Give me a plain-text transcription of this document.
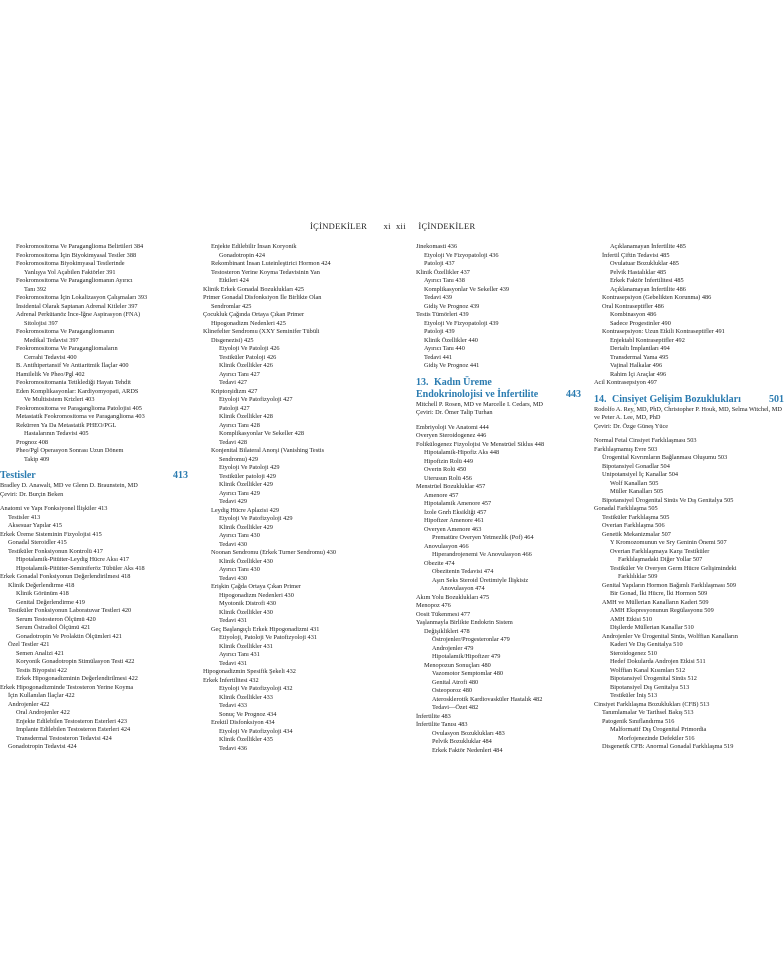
İÇİNDEKİLER xi xii İÇİNDEKİLER
Feokromositoma Ve Paragangliomа Belirtileri 384
Feokromositoma İçin Biyokimyasal Testler 388
Feokromositoma Biyokimyasal Testlerinde
Yanlışya Yol Açabilen Faktörler 391
Feokromositoma Ve Paragangliomanın Ayırıcı
Tanı 392
Feokromositoma İçin Lokalizasyon Çalışmaları 393
İnsidental Olarak Saptanan Adrenal Kitleler 397
Adrenal Perkütanöz İnce-İğne Aspirasyon (FNA)
Sitolojisi 397
Feokromositoma Ve Paragangliomanın
Medikal Tedavisi 397
Feokromositoma Ve Paragangliomaların
Cerrahi Tedavisi 400
B. Antihipertansif Ve Antiaritmik İlaçlar 400
Hamilelik Ve Pheo/Pgl 402
Feokromositomania Tetiklediği Hayatı Tehdit
Eden Komplikasyonlar: Kardiyomyopati, ARDS
Ve Multisistem Krizleri 403
Feokromositoma ve Paragangliomа Patolojisi 405
Metastatik Feokromositoma ve Paraganglioma 403
Rekürren Ya Da Metastatik PHEO/PGL
Hastalarının Tedavisi 405
Prognoz 408
Pheo/Pgl Operasyon Sonrası Uzun Dönem
Takip 409
Testisler	413
Bradley D. Anawalt, MD ve Glenn D. Braunstein, MD
Çeviri: Dr. Burçin Beken
Anatomi ve Yapı Fonksiyonel İlişkiler 413
Testisler 413
Aksesuar Yapılar 415
Erkek Üreme Sisteminin Fizyolojisi 415
Gonadal Steroidler 415
Testiküler Fonksiyonun Kontrolü 417
Hipotalamik-Pitüiter-Leydig Hücre Aksı 417
Hipotalamik-Pitüiter-Seminiferöz Tübüler Aks 418
Erkek Gonadal Fonksiyonun Değerlendirilmesi 418
Klinik Değerlendirme 418
Klinik Görünüm 418
Genital Değerlendirme 419
Testiküler Fonksiyonun Laboratuvar Testleri 420
Serum Testosteron Ölçümü 420
Serum Östradiol Ölçümü 421
Gonadotropin Ve Prolaktin Ölçümleri 421
Özel Testler 421
Semen Analizi 421
Koryonik Gonadotropin Stimülasyon Testi 422
Testis Biyopsisi 422
Erkek Hipogonadizminin Değerlendirilmesi 422
Erkek Hipogonadizminde Testosteron Yerine Koyma
İçin Kullanılan İlaçlar 422
Androjenler 422
Oral Androjenler 422
Enjekte Edilebilen Testosteron Esterleri 423
Implante Edilebilen Testosteron Esterleri 424
Transdermal Testosteron Tedavisi 424
Gonadotropin Tedavisi 424
Enjekte Edilebilir İnsan Koryonik
Gonadotropin 424
Rekombinant İnsan Luteinleştirici Hormon 424
Testosteron Yerine Koyma Tedavisinin Yan
Etkileri 424
Klinik Erkek Gonadal Bozuklukları 425
Primer Gonadal Disfonksiyon İle Birlikte Olan
Sendromlar 425
Çocukluk Çağında Ortaya Çıkan Primer
Hipogonadizm Nedenleri 425
Klinefelter Sendromu (XXY Seminifer Tübüli
Disgenezisi) 425
Etyoloji Ve Patoloji 426
Testiküler Patoloji 426
Klinik Özellikler 426
Ayırıcı Tanı 427
Tedavi 427
Kriptorşidizm 427
Etyoloji Ve Patofizyoloji 427
Patoloji 427
Klinik Özellikler 428
Ayırıcı Tanı 428
Komplikasyonlar Ve Sekeller 428
Tedavi 428
Konjenital Bilateral Anorşi (Vanishing Testis
Sendromu) 429
Etyoloji Ve Patoloji 429
Testiküler patoloji 429
Klinik Özellikler 429
Ayırıcı Tanı 429
Tedavi 429
Leydig Hücre Aplazisi 429
Etyoloji Ve Patofizyoloji 429
Klinik Özellikler 429
Ayırıcı Tanı 430
Tedavi 430
Noonan Sendromu (Erkek Turner Sendromu) 430
Klinik Özellikler 430
Ayırıcı Tanı 430
Tedavi 430
Erişkin Çağda Ortaya Çıkan Primer
Hipogonadizm Nedenleri 430
Myotonik Distrofi 430
Klinik Özellikler 430
Tedavi 431
Geç Başlangıçlı Erkek Hipogonadizmi 431
Etiyoloji, Patoloji Ve Patofizyoloji 431
Klinik Özellikler 431
Ayırıcı Tanı 431
Tedavi 431
Hipogonadizmin Spesifik Şekeli 432
Erkek İnfertilitesi 432
Etyoloji Ve Patofizyoloji 432
Klinik Özellikler 433
Tedavi 433
Sonuç Ve Prognoz 434
Erektil Disfonksiyon 434
Etyoloji Ve Patofizyoloji 434
Klinik Özellikler 435
Tedavi 436
Jinekomasti 436
Etyoloji Ve Fizyopatoloji 436
Patoloji 437
Klinik Özellikler 437
Ayırıcı Tanı 438
Komplikasyonlar Ve Sekeller 439
Tedavi 439
Gidiş Ve Prognoz 439
Testis Tümörleri 439
Etyoloji Ve Fizyopatoloji 439
Patoloji 439
Klinik Özellikler 440
Ayırıcı Tanı 440
Tedavi 441
Gidiş Ve Prognoz 441
13. Kadın Üreme Endokrinolojisi ve İnfertilite	443
Mitchell P. Rosen, MD ve Marcelle I. Cedars, MD
Çeviri: Dr. Ömer Talip Turhan
Embriyoloji Ve Anatomi 444
Overyen Steroidogenez 446
Folikülogenez Fizyolojisi Ve Menstrüel Siklus 448
Hipotalamik-Hipofiz Aks 448
Hipofizin Rolü 449
Overin Rolü 450
Uterusun Rolü 456
Menstrüel Bozukluklar 457
Amenore 457
Hipotalamik Amenore 457
İzole Gnrh Eksikliği 457
Hipofizer Amenore 461
Overyen Amenore 463
Prematüre Overyen Yetmezlik (Pof) 464
Anovulasyon 466
Hiperandrojenemi Ve Anovulasyon 466
Obezite 474
Obezitenin Tedavisi 474
Aşırı Seks Steroid Üretimiyle İlişkisiz
Anovulasyon 474
Akım Yolu Bozuklukları 475
Menopoz 476
Oosit Tükenmesi 477
Yaşlanmayla Birlikte Endokrin Sistem
Değişiklikleri 478
Östrojenler/Progesteronlar 479
Androjenler 479
Hipotalamik/Hipofizer 479
Menopozun Sonuçları 480
Vazomotor Semptomlar 480
Genital Atrofi 480
Osteoporoz 480
Aterosklerotik Kardiovasküler Hastalık 482
Tedavi—Özet 482
İnfertilite 483
İnfertilite Tanısı 483
Ovulasyon Bozuklukları 483
Pelvik Bozukluklar 484
Erkek Faktör Nedenleri 484
Açıklanamayan İnfertilite 485
İnfertil Çiftin Tedavisi 485
Ovulatuar Bozukluklar 485
Pelvik Hastalıklar 485
Erkek Faktör İnfertilitesi 485
Açıklanamayan İnfertilite 486
Kontrasepsiyon (Gebelikten Korunma) 486
Oral Kontraseptifler 486
Kombinasyon 486
Sadece Progestinler 490
Kontrasepsiyon: Uzun Etkili Kontraseptifler 491
Enjektabl Kontraseptifler 492
Derialtı İmplantları 494
Transdermal Yama 495
Vajinal Halkalar 496
Rahim İçi Araçlar 496
Acil Kontrasepsiyon 497
14. Cinsiyet Gelişim Bozuklukları	501
Rodolfo A. Rey, MD, PhD, Christopher P. Houk, MD, Selma Witchel, MD ve Peter A. Lee, MD, PhD
Çeviri: Dr. Özge Güneş Yüce
Normal Fetal Cinsiyet Farklılaşması 503
Farklılaşmamış Evre 503
Ürogenital Kıvrımların Bağlanması Oluşumu 503
Bipotansiyel Gonadlar 504
Unipotansiyel İç Kanallar 504
Wolf Kanalları 505
Müller Kanalları 505
Bipotansiyel Ürogenital Sinüs Ve Dış Genitalya 505
Gonadal Farklılaşma 505
Testiküler Farklılaşma 505
Overian Farklılaşma 506
Genetik Mekanizmalar 507
Y Kromozomunun ve Sry Geninin Önemi 507
Overian Farklılaşmaya Karşı Testiküler
Farklılaşmadaki Diğer Yollar 507
Testiküler Ve Overyen Germ Hücre Gelişimindeki
Farklılıklar 509
Genital Yapıların Hormon Bağımlı Farklılaşması 509
Bir Gonad, İki Hücre, İki Hormon 509
AMH ve Müllerian Kanalların Kaderi 509
AMH Ekspresyonunun Regülasyonu 509
AMH Etkisi 510
Dişilerde Müllerian Kanallar 510
Androjenler Ve Ürogenital Sinüs, Wolffian Kanalların
Kaderi Ve Dış Genitalya 510
Steroidogenez 510
Hedef Dokularda Androjen Etkisi 511
Wolffian Kanal Kısımları 512
Bipotansiyel Ürogenital Sinüs 512
Bipotansiyel Dış Genitalya 513
Testiküler İniş 513
Cinsiyet Farklılaşma Bozuklukları (CFB) 513
Tanımlamalar Ve Tarihsel Bakış 513
Patogenik Sınıflandırma 516
Malformatif Dış Ürogenital Primordia
Morfojenezinde Defektler 516
Disgenetik CFB: Anormal Gonadal Farklılaşma 519
